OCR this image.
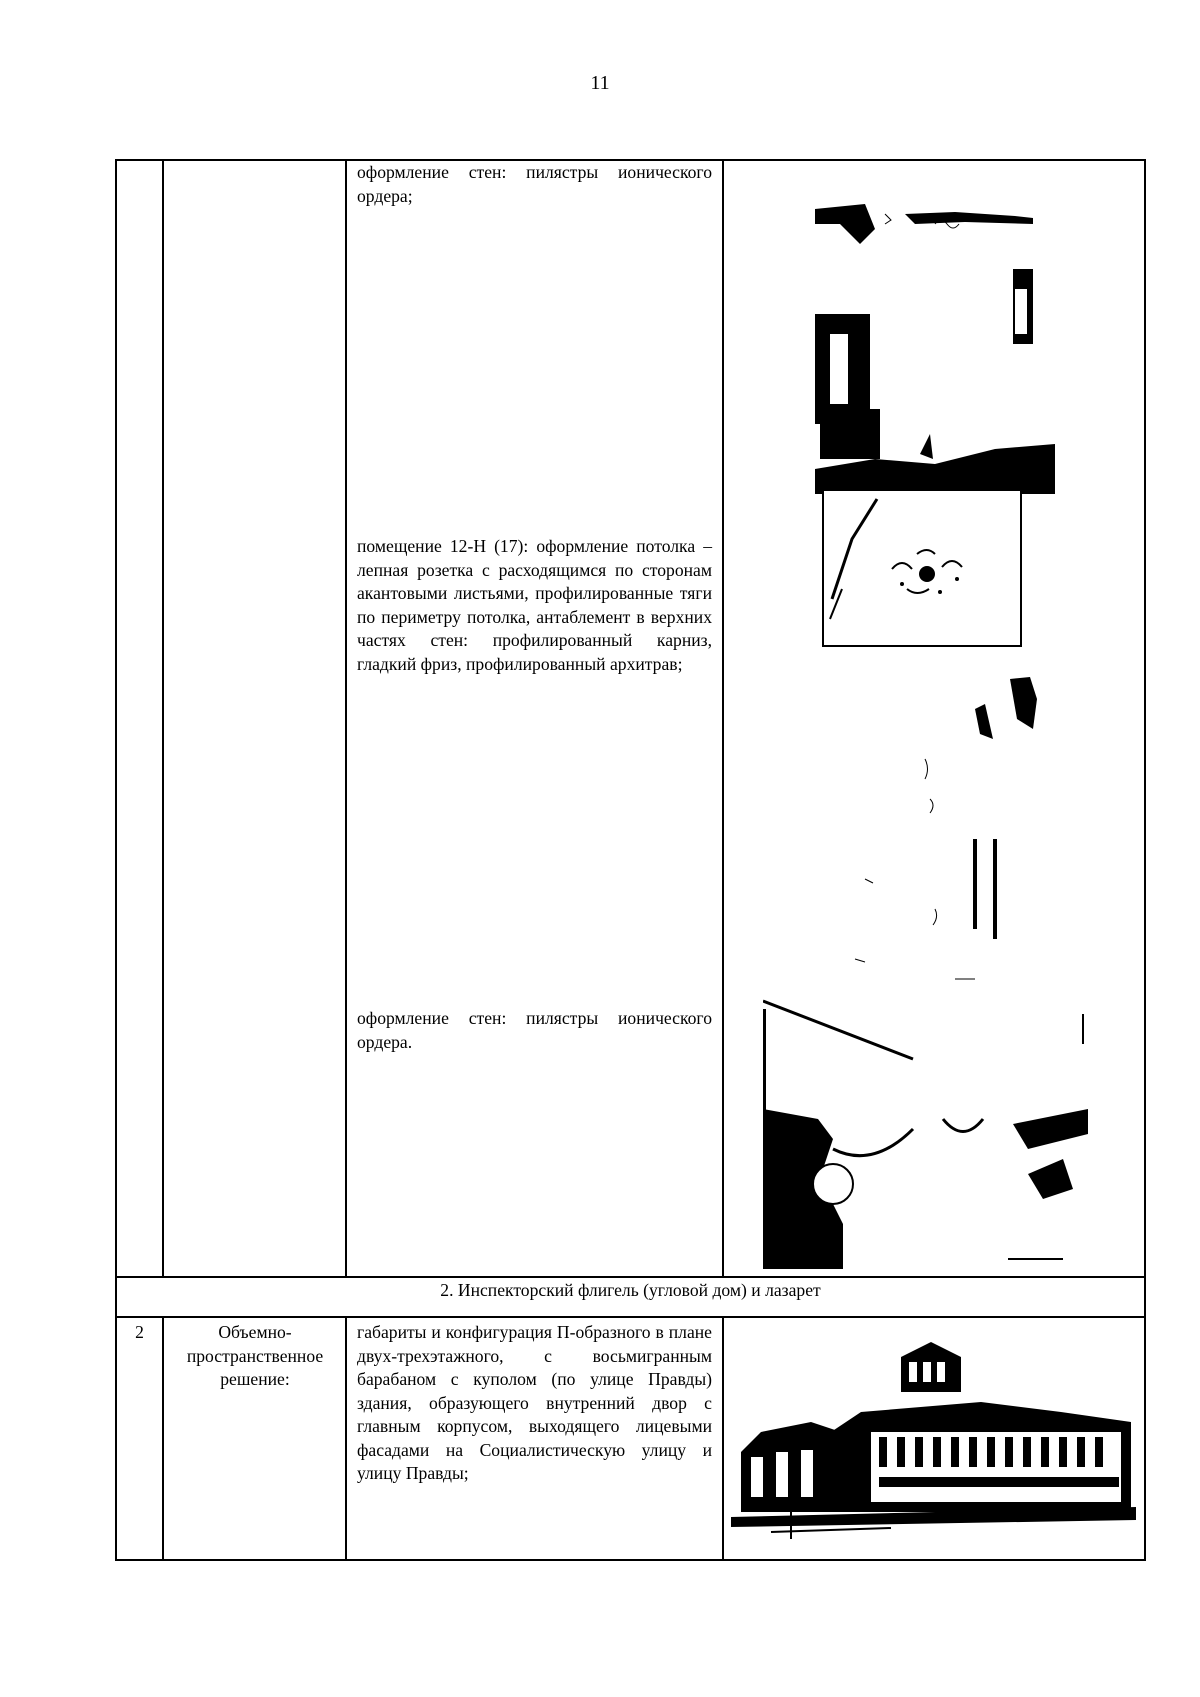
11
оформление стен: пилястры ионического ордера;
помещение 12-Н (17): оформление потолка – лепная розетка с расходящимся по сторонам акантовыми листьями, профилированные тяги по периметру потолка, антаблемент в верхних частях стен: профилированный карниз, гладкий фриз, профилированный архитрав;
оформление стен: пилястры ионического ордера.
2. Инспекторский флигель (угловой дом) и лазарет
2	Объемно-пространственное решение:
габариты и конфигурация П-образного в плане двух-трехэтажного, с восьмигранным барабаном с куполом (по улице Правды) здания, образующего внутренний двор с главным корпусом, выходящего лицевыми фасадами на Социалистическую улицу и улицу Правды;
